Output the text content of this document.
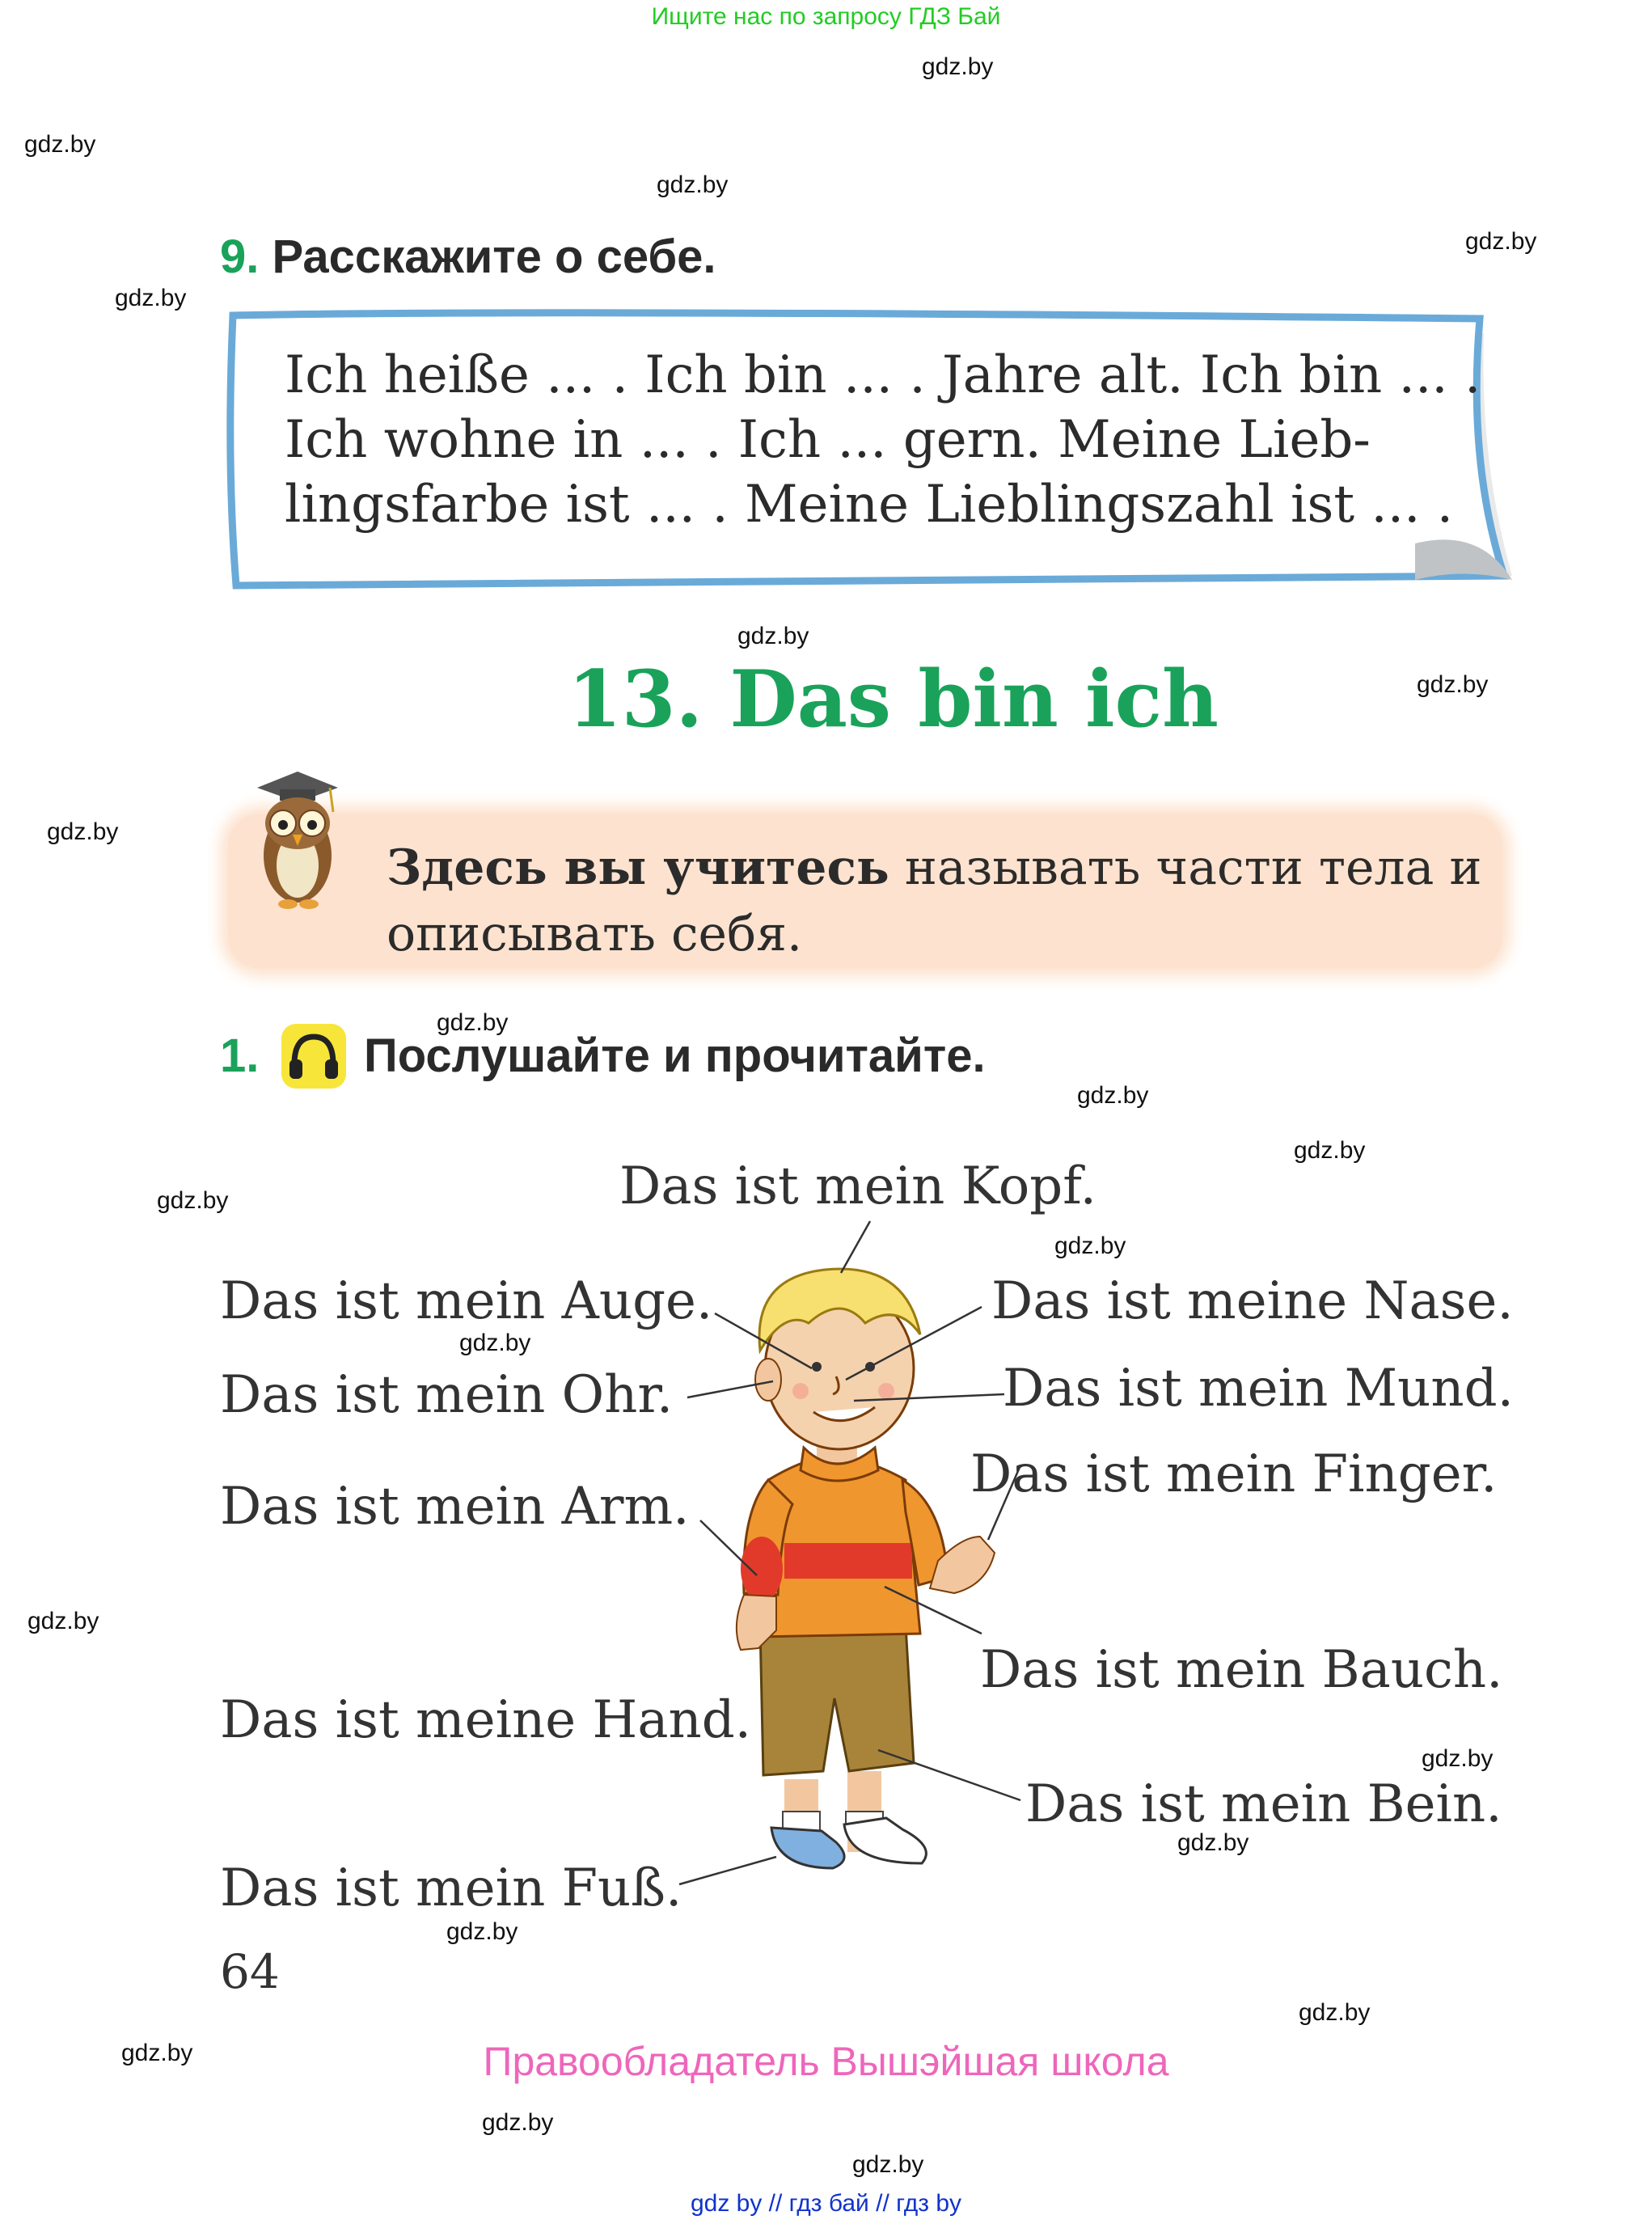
Ищите нас по запросу ГДЗ Бай
gdz.by
gdz.by
gdz.by
gdz.by
gdz.by
gdz.by
gdz.by
gdz.by
gdz.by
gdz.by
gdz.by
gdz.by
gdz.by
gdz.by
gdz.by
gdz.by
gdz.by
gdz.by
gdz.by
gdz.by
gdz.by
gdz.by
9. Расскажите о себе.
Ich heiße ... . Ich bin ... . Jahre alt. Ich bin ... .
Ich wohne in ... . Ich ... gern. Meine Lieb-
lingsfarbe ist ... . Meine Lieblingszahl ist ... .
13. Das bin ich
Здесь вы учитесь называть части тела и
описывать себя.
1. Послушайте и прочитайте.
Das ist mein Kopf.
Das ist mein Auge.
Das ist mein Ohr.
Das ist mein Arm.
Das ist meine Hand.
Das ist mein Fuß.
Das ist meine Nase.
Das ist mein Mund.
Das ist mein Finger.
Das ist mein Bauch.
Das ist mein Bein.
64
Правообладатель Вышэйшая школа
gdz by // гдз бай // гдз by
